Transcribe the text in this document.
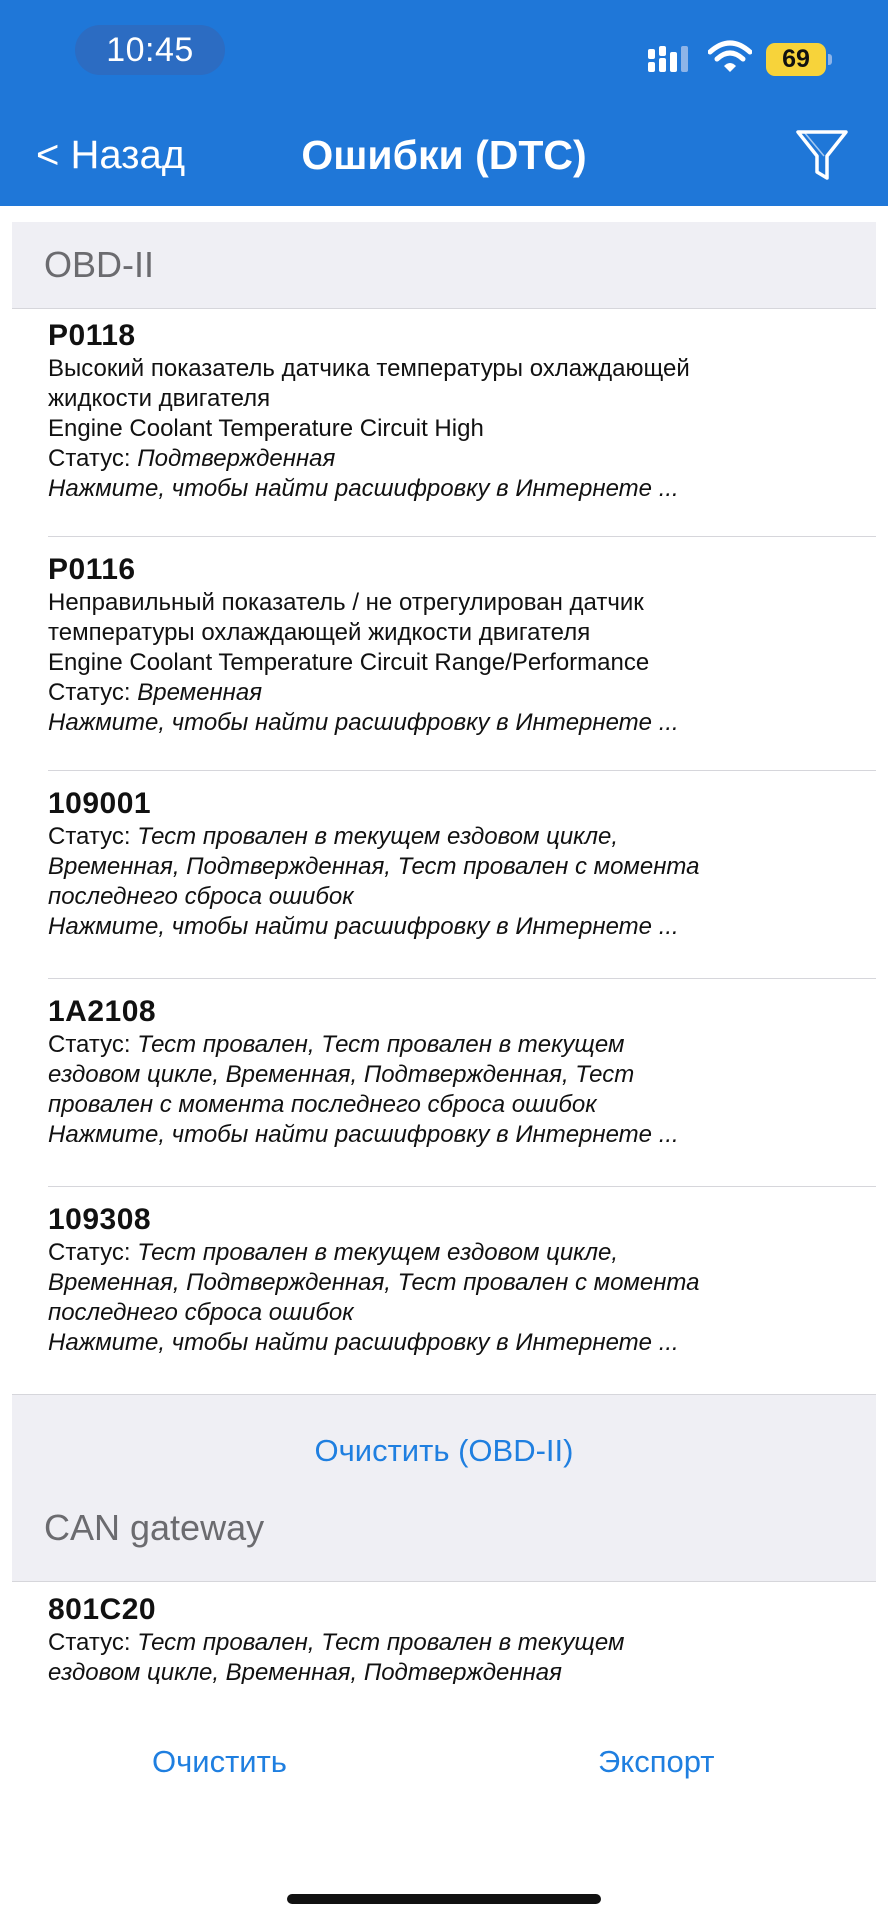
10:45	69
< Назад	Ошибки (DTC)
OBD-II
P0118
Высокий показатель датчика температуры охлаждающей
жидкости двигателя
Engine Coolant Temperature Circuit High
Статус: Подтвержденная
Нажмите, чтобы найти расшифровку в Интернете ...
P0116
Неправильный показатель / не отрегулирован датчик
температуры охлаждающей жидкости двигателя
Engine Coolant Temperature Circuit Range/Performance
Статус: Временная
Нажмите, чтобы найти расшифровку в Интернете ...
109001
Статус: Тест провален в текущем ездовом цикле,
Временная, Подтвержденная, Тест провален с момента
последнего сброса ошибок
Нажмите, чтобы найти расшифровку в Интернете ...
1A2108
Статус: Тест провален, Тест провален в текущем
ездовом цикле, Временная, Подтвержденная, Тест
провален с момента последнего сброса ошибок
Нажмите, чтобы найти расшифровку в Интернете ...
109308
Статус: Тест провален в текущем ездовом цикле,
Временная, Подтвержденная, Тест провален с момента
последнего сброса ошибок
Нажмите, чтобы найти расшифровку в Интернете ...
Очистить (OBD-II)
CAN gateway
801C20
Статус: Тест провален, Тест провален в текущем
ездовом цикле, Временная, Подтвержденная
Очистить	Экспорт
